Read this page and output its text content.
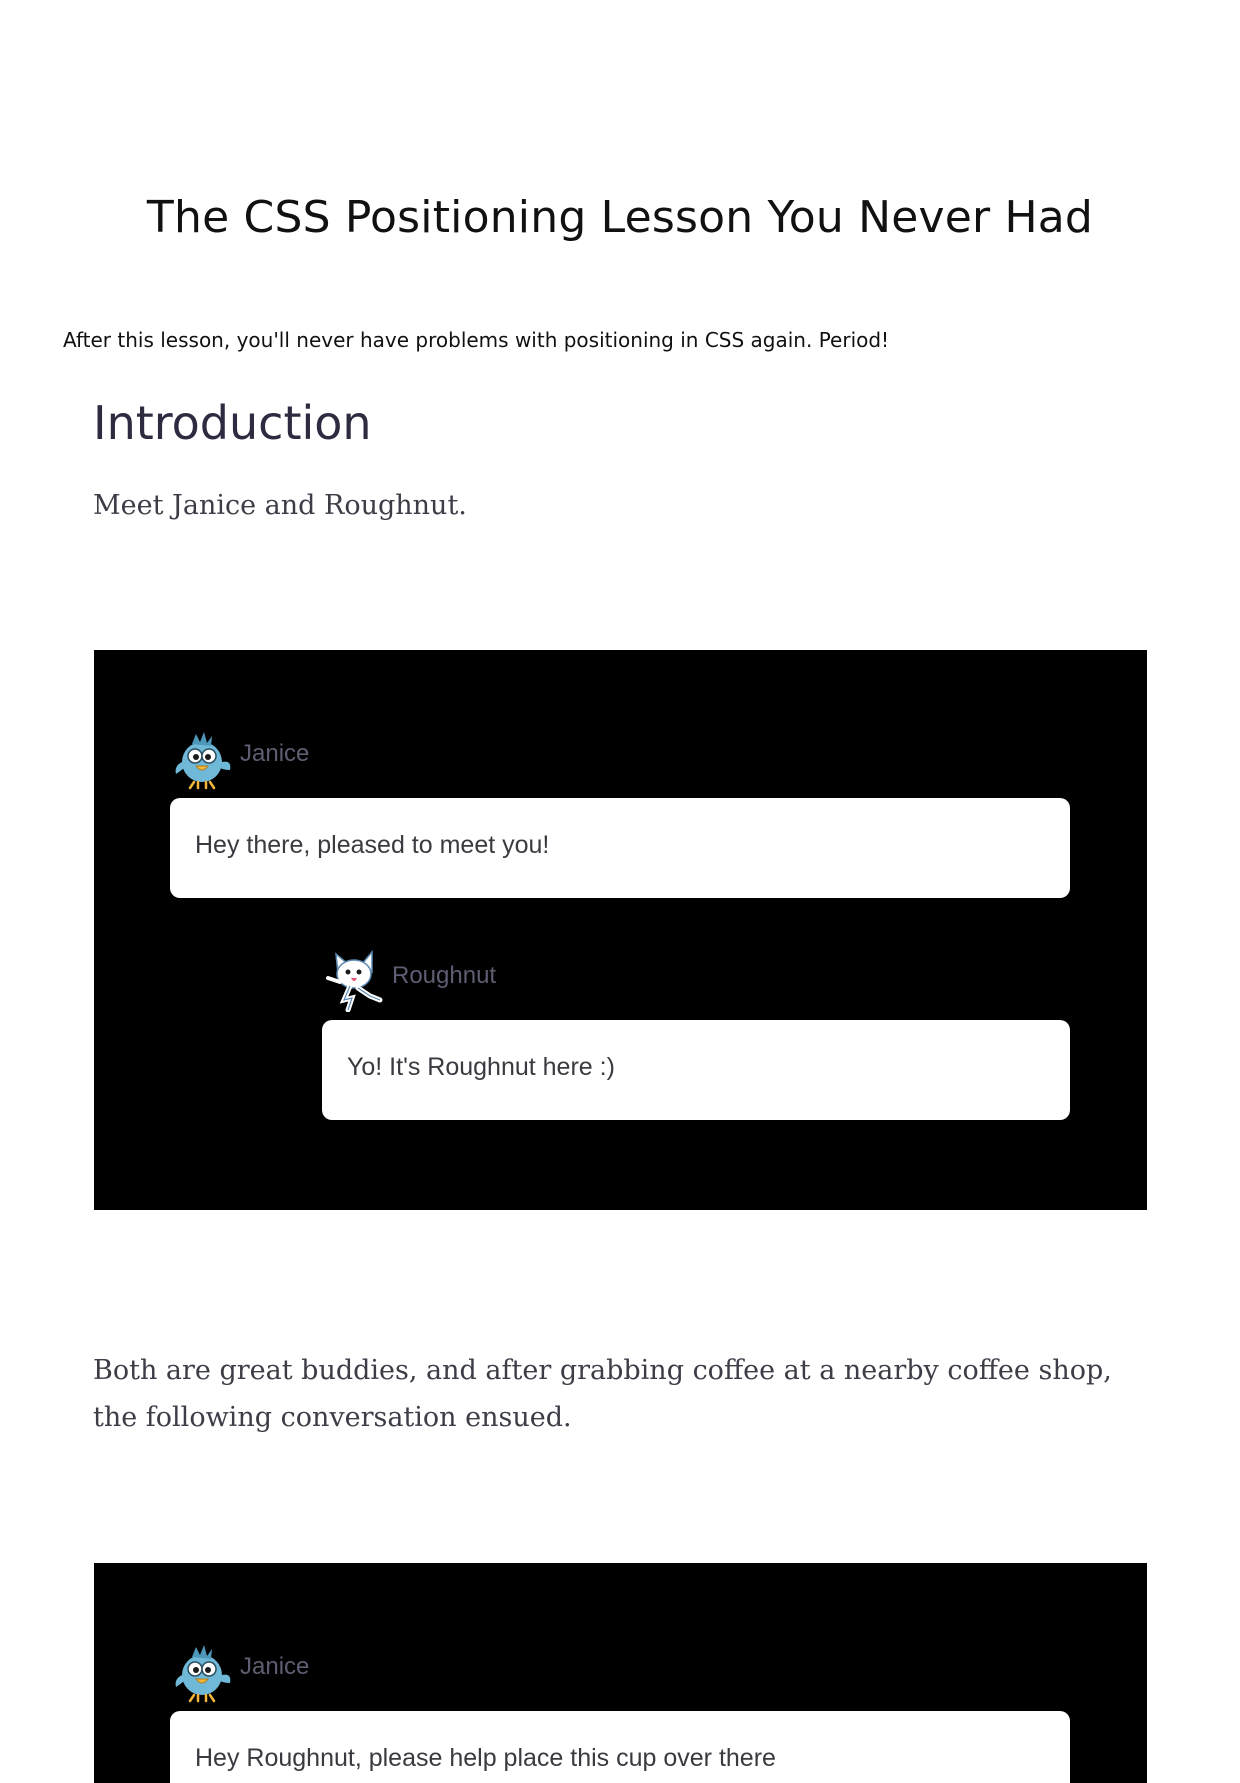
The CSS Positioning Lesson You Never Had

After this lesson, you'll never have problems with positioning in CSS again. Period!

Introduction

Meet Janice and Roughnut.

Janice
Hey there, pleased to meet you!
Roughnut
Yo! It's Roughnut here :)

Both are great buddies, and after grabbing coffee at a nearby coffee shop, the following conversation ensued.

Janice
Hey Roughnut, please help place this cup over there
